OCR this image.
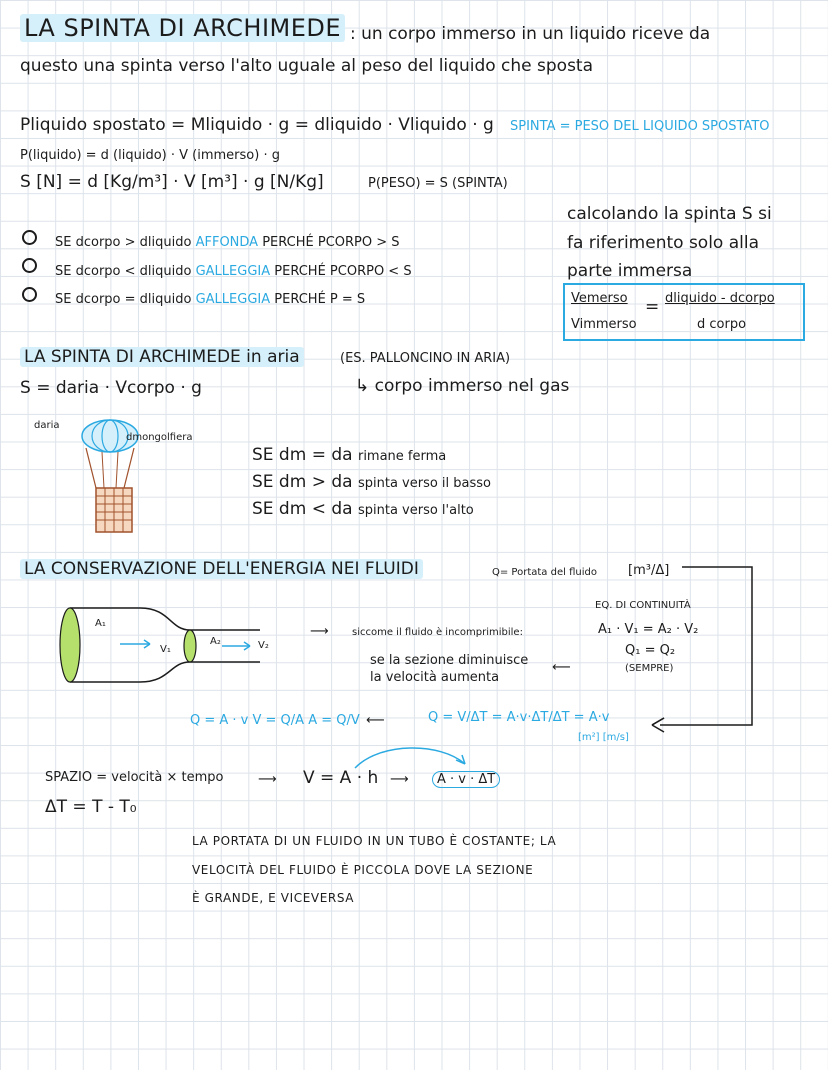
LA SPINTA DI ARCHIMEDE : un corpo immerso in un liquido riceve da
questo una spinta verso l'alto uguale al peso del liquido che sposta
Pliquido spostato = Mliquido · g = dliquido · Vliquido · g SPINTA = PESO DEL LIQUIDO SPOSTATO
P(liquido) = d (liquido) · V (immerso) · g
S [N] = d [Kg/m³] · V [m³] · g [N/Kg]	P(PESO) = S (SPINTA)
calcolando la spinta S si
fa riferimento solo alla
parte immersa
Vemerso
Vimmerso
= dliquido - dcorpo
d corpo
SE dcorpo > dliquido AFFONDA PERCHÉ PCORPO > S
SE dcorpo < dliquido GALLEGGIA PERCHÉ PCORPO < S
SE dcorpo = dliquido GALLEGGIA PERCHÉ P = S
LA SPINTA DI ARCHIMEDE in aria	(ES. PALLONCINO IN ARIA)
S = daria · Vcorpo · g	↳ corpo immerso nel gas
daria
dmongolfiera
SE dm = da rimane ferma
SE dm > da spinta verso il basso
SE dm < da spinta verso l'alto
LA CONSERVAZIONE DELL'ENERGIA NEI FLUIDI	Q= Portata del fluido [m³/Δ]
EQ. DI CONTINUITÀ
A₁ · V₁ = A₂ · V₂
Q₁ = Q₂
(SEMPRE)
A₁
V₁
A₂	V₂
⟶ siccome il fluido è incomprimibile:
se la sezione diminuisce
la velocità aumenta
⟵
Q = A · v V = Q/A A = Q/V ⟵	Q = V/ΔT = A·v·ΔT/ΔT = A·v
[m²] [m/s]
SPAZIO = velocità × tempo
ΔT = T - T₀
⟶ V = A · h ⟶	A · v · ΔT
LA PORTATA DI UN FLUIDO IN UN TUBO È COSTANTE; LA
VELOCITÀ DEL FLUIDO È PICCOLA DOVE LA SEZIONE
È GRANDE, E VICEVERSA
